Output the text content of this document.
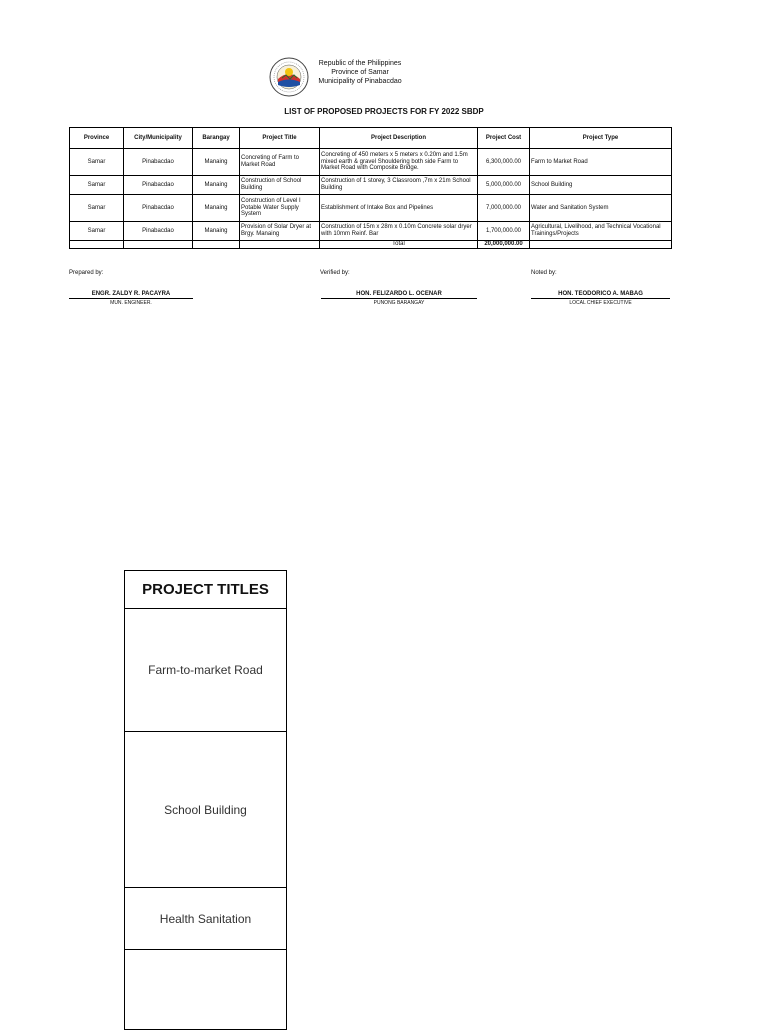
Republic of the Philippines
Province of Samar
Municipality of Pinabacdao
LIST OF PROPOSED PROJECTS FOR FY 2022 SBDP
Province	City/Municipality	Barangay	Project Title	Project Description	Project Cost	Project Type
Samar	Pinabacdao	Manaing	Concreting of Farm to Market Road	Concreting of 450 meters x 5 meters x 0.20m and 1.5m mixed earth & gravel Shouldering both side Farm to Market Road with Composite Bridge.	6,300,000.00	Farm to Market Road
Samar	Pinabacdao	Manaing	Construction of School Building	Construction of 1 storey, 3 Classroom ,7m x 21m School Building	5,000,000.00	School Building
Samar	Pinabacdao	Manaing	Construction of Level I Potable Water Supply System	Establishment of Intake Box and Pipelines	7,000,000.00	Water and Sanitation System
Samar	Pinabacdao	Manaing	Provision of Solar Dryer at Brgy. Manaing	Construction of 15m x 28m x 0.10m Concrete solar dryer with 10mm Reinf. Bar	1,700,000.00	Agricultural, Livelihood, and Technical Vocational Trainings/Projects
				Total	20,000,000.00	
Prepared by:	Verified by:	Noted by:
ENGR. ZALDY R. PACAYRA
MUN. ENGINEER.
HON. FELIZARDO L. OCENAR
PUNONG BARANGAY
HON. TEODORICO A. MABAG
LOCAL CHIEF EXECUTIVE
PROJECT TITLES
Farm-to-market Road
School Building
Health Sanitation
